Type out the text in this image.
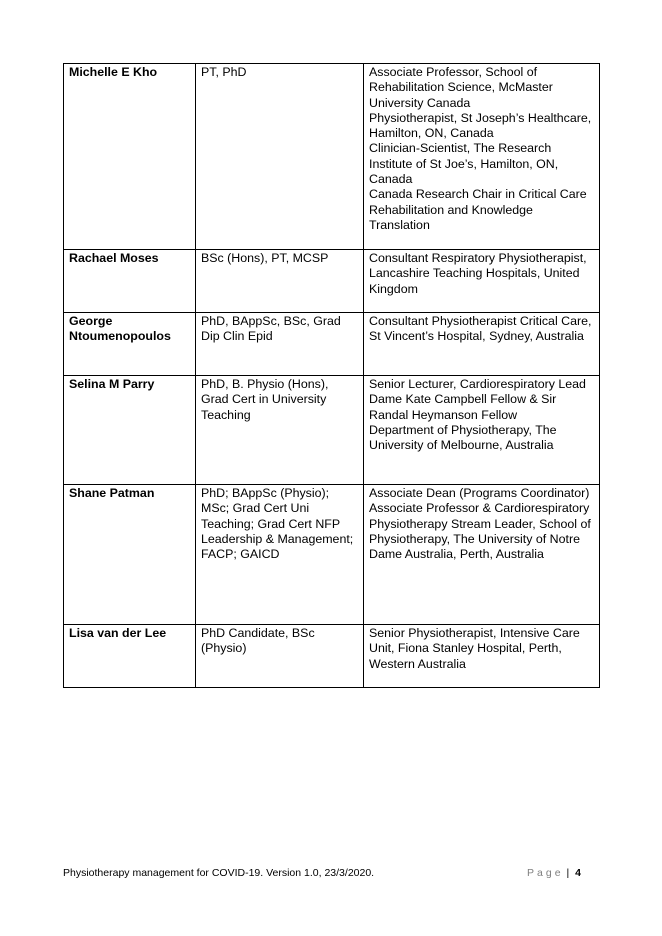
Michelle E Kho	PT, PhD	Associate Professor, School of Rehabilitation Science, McMaster University Canada
Physiotherapist, St Joseph’s Healthcare, Hamilton, ON, Canada
Clinician-Scientist, The Research Institute of St Joe’s, Hamilton, ON, Canada
Canada Research Chair in Critical Care Rehabilitation and Knowledge Translation

Rachael Moses	BSc (Hons), PT, MCSP	Consultant Respiratory Physiotherapist, Lancashire Teaching Hospitals, United Kingdom

George Ntoumenopoulos	PhD, BAppSc, BSc, Grad Dip Clin Epid	Consultant Physiotherapist Critical Care, St Vincent’s Hospital, Sydney, Australia

Selina M Parry	PhD, B. Physio (Hons), Grad Cert in University Teaching	Senior Lecturer, Cardiorespiratory Lead
Dame Kate Campbell Fellow & Sir Randal Heymanson Fellow
Department of Physiotherapy, The University of Melbourne, Australia

Shane Patman	PhD; BAppSc (Physio); MSc; Grad Cert Uni Teaching; Grad Cert NFP Leadership & Management; FACP; GAICD	Associate Dean (Programs Coordinator)
Associate Professor & Cardiorespiratory Physiotherapy Stream Leader, School of Physiotherapy, The University of Notre Dame Australia, Perth, Australia

Lisa van der Lee	PhD Candidate, BSc (Physio)	Senior Physiotherapist, Intensive Care Unit, Fiona Stanley Hospital, Perth, Western Australia
Physiotherapy management for COVID-19. Version 1.0, 23/3/2020.	Page | 4
